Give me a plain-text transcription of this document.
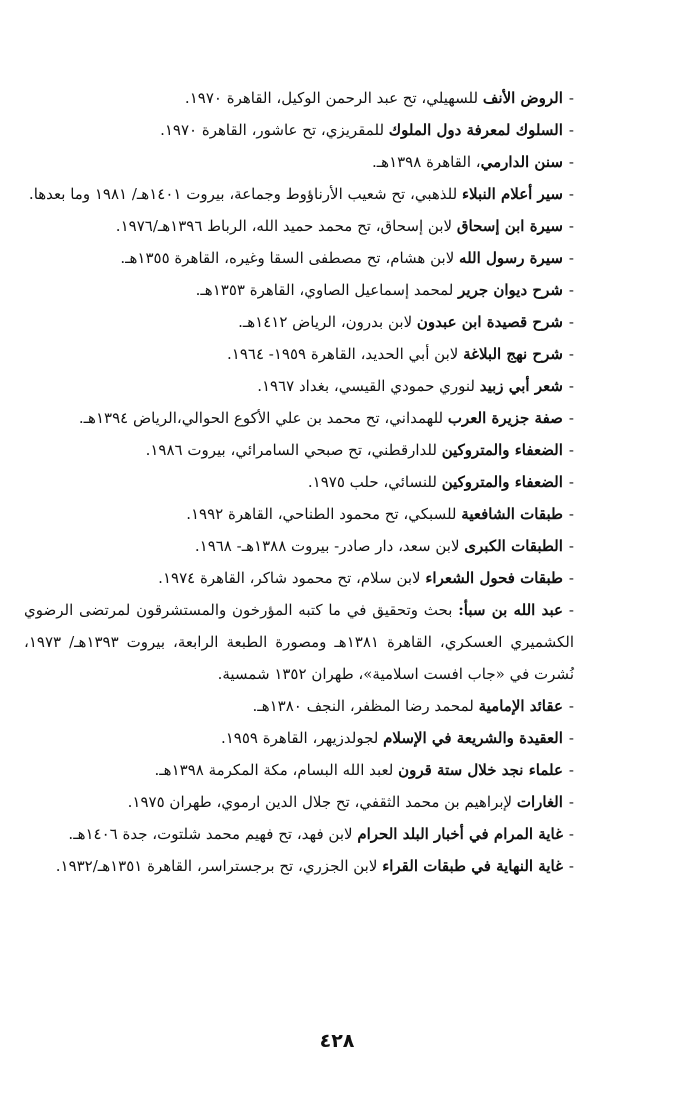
-الروض الأنف للسهيلي، تح عبد الرحمن الوكيل، القاهرة ١٩٧٠.
-السلوك لمعرفة دول الملوك للمقريزي، تح عاشور، القاهرة ١٩٧٠.
-سنن الدارمي، القاهرة ١٣٩٨هـ.
-سير أعلام النبلاء للذهبي، تح شعيب الأرناؤوط وجماعة، بيروت ١٤٠١هـ/ ١٩٨١ وما بعدها.
-سيرة ابن إسحاق لابن إسحاق، تح محمد حميد الله، الرباط ١٣٩٦هـ/١٩٧٦.
-سيرة رسول الله لابن هشام، تح مصطفى السقا وغيره، القاهرة ١٣٥٥هـ.
-شرح ديوان جرير لمحمد إسماعيل الصاوي، القاهرة ١٣٥٣هـ.
-شرح قصيدة ابن عبدون لابن بدرون، الرياض ١٤١٢هـ.
-شرح نهج البلاغة لابن أبي الحديد، القاهرة ١٩٥٩- ١٩٦٤.
-شعر أبي زبيد لنوري حمودي القيسي، بغداد ١٩٦٧.
-صفة جزيرة العرب للهمداني، تح محمد بن علي الأكوع الحوالي،الرياض ١٣٩٤هـ.
-الضعفاء والمتروكين للدارقطني، تح صبحي السامرائي، بيروت ١٩٨٦.
-الضعفاء والمتروكين للنسائي، حلب ١٩٧٥.
-طبقات الشافعية للسبكي، تح محمود الطناحي، القاهرة ١٩٩٢.
-الطبقات الكبرى لابن سعد، دار صادر- بيروت ١٣٨٨هـ- ١٩٦٨.
-طبقات فحول الشعراء لابن سلام، تح محمود شاكر، القاهرة ١٩٧٤.
-عبد الله بن سبأ: بحث وتحقيق في ما كتبه المؤرخون والمستشرقون لمرتضى الرضوي الكشميري العسكري، القاهرة ١٣٨١هـ ومصورة الطبعة الرابعة، بيروت ١٣٩٣هـ/ ١٩٧٣، نُشرت في «جاب افست اسلامية»، طهران ١٣٥٢ شمسية.
-عقائد الإمامية لمحمد رضا المظفر، النجف ١٣٨٠هـ.
-العقيدة والشريعة في الإسلام لجولدزيهر، القاهرة ١٩٥٩.
-علماء نجد خلال ستة قرون لعبد الله البسام، مكة المكرمة ١٣٩٨هـ.
-الغارات لإبراهيم بن محمد الثقفي، تح جلال الدين ارموي، طهران ١٩٧٥.
-غاية المرام في أخبار البلد الحرام لابن فهد، تح فهيم محمد شلتوت، جدة ١٤٠٦هـ.
-غاية النهاية في طبقات القراء لابن الجزري، تح برجستراسر، القاهرة ١٣٥١هـ/١٩٣٢.
٤٢٨
